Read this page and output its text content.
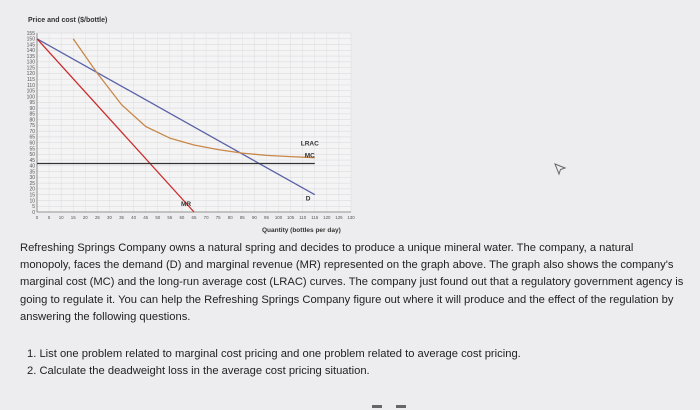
0
5
10
15
20
25
30
35
40
45
50
55
60
65
70
75
80
85
90
95
100
105
110
115
120
125
130
135
140
145
150
155
0 5 10 15 20 25 30 35 40 45 50 55 60 65 70 75 80 85 90 95 100 105 110 115 120 125 130
D
MR
MC
LRAC
Price and cost ($/bottle)
Quantity (bottles per day)
Refreshing Springs Company owns a natural spring and decides to produce a unique mineral water. The company, a natural monopoly, faces the demand (D) and marginal revenue (MR) represented on the graph above. The graph also shows the company's marginal cost (MC) and the long-run average cost (LRAC) curves. The company just found out that a regulatory government agency is going to regulate it. You can help the Refreshing Springs Company figure out where it will produce and the effect of the regulation by answering the following questions.
1. List one problem related to marginal cost pricing and one problem related to average cost pricing.
2. Calculate the deadweight loss in the average cost pricing situation.
